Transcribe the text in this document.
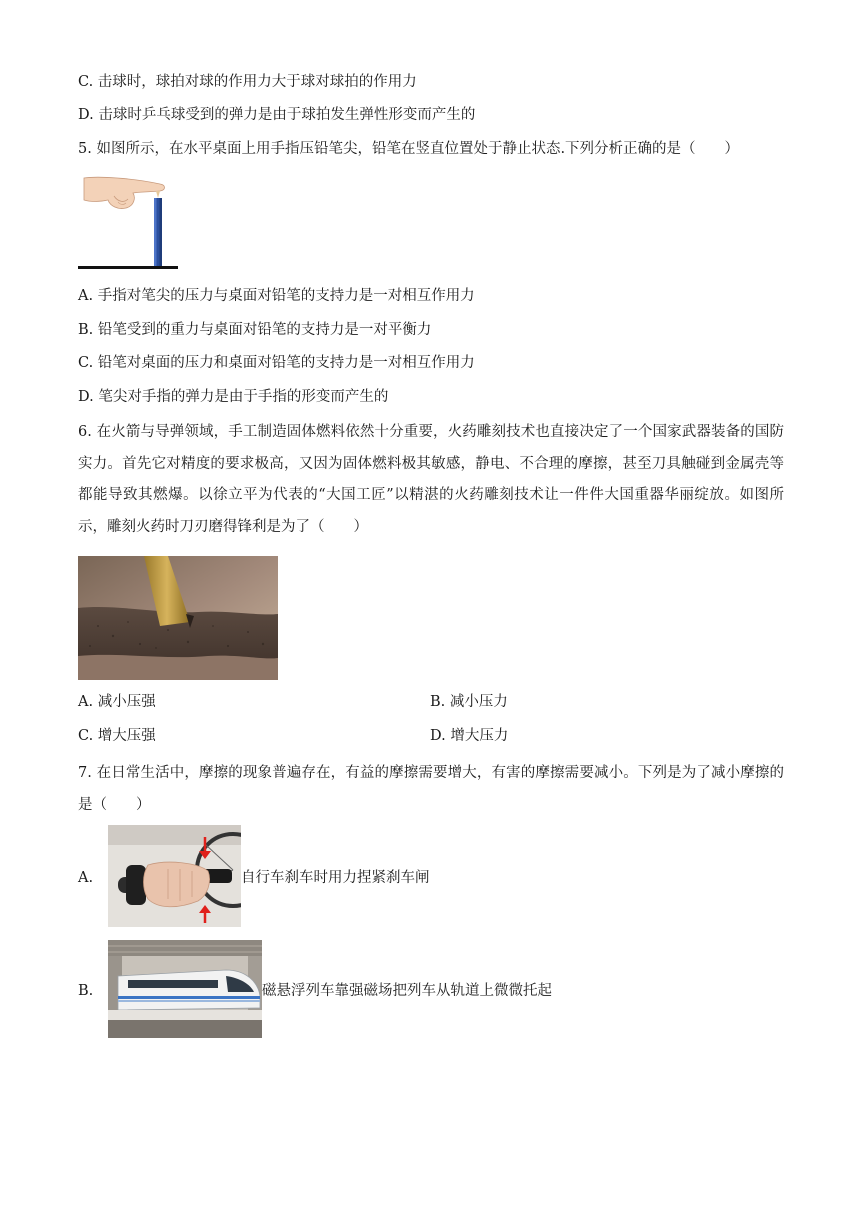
C. 击球时，球拍对球的作用力大于球对球拍的作用力
D. 击球时乒乓球受到的弹力是由于球拍发生弹性形变而产生的
5. 如图所示，在水平桌面上用手指压铅笔尖，铅笔在竖直位置处于静止状态.下列分析正确的是（　　）
A. 手指对笔尖的压力与桌面对铅笔的支持力是一对相互作用力
B. 铅笔受到的重力与桌面对铅笔的支持力是一对平衡力
C. 铅笔对桌面的压力和桌面对铅笔的支持力是一对相互作用力
D. 笔尖对手指的弹力是由于手指的形变而产生的
6. 在火箭与导弹领域，手工制造固体燃料依然十分重要，火药雕刻技术也直接决定了一个国家武器装备的国防实力。首先它对精度的要求极高，又因为固体燃料极其敏感，静电、不合理的摩擦，甚至刀具触碰到金属壳等都能导致其燃爆。以徐立平为代表的“大国工匠”以精湛的火药雕刻技术让一件件大国重器华丽绽放。如图所示，雕刻火药时刀刃磨得锋利是为了（　　）
A. 减小压强	B. 减小压力
C. 增大压强	D. 增大压力
7. 在日常生活中，摩擦的现象普遍存在，有益的摩擦需要增大，有害的摩擦需要减小。下列是为了减小摩擦的是（　　）
A.	自行车刹车时用力捏紧刹车闸
B.	磁悬浮列车靠强磁场把列车从轨道上微微托起
